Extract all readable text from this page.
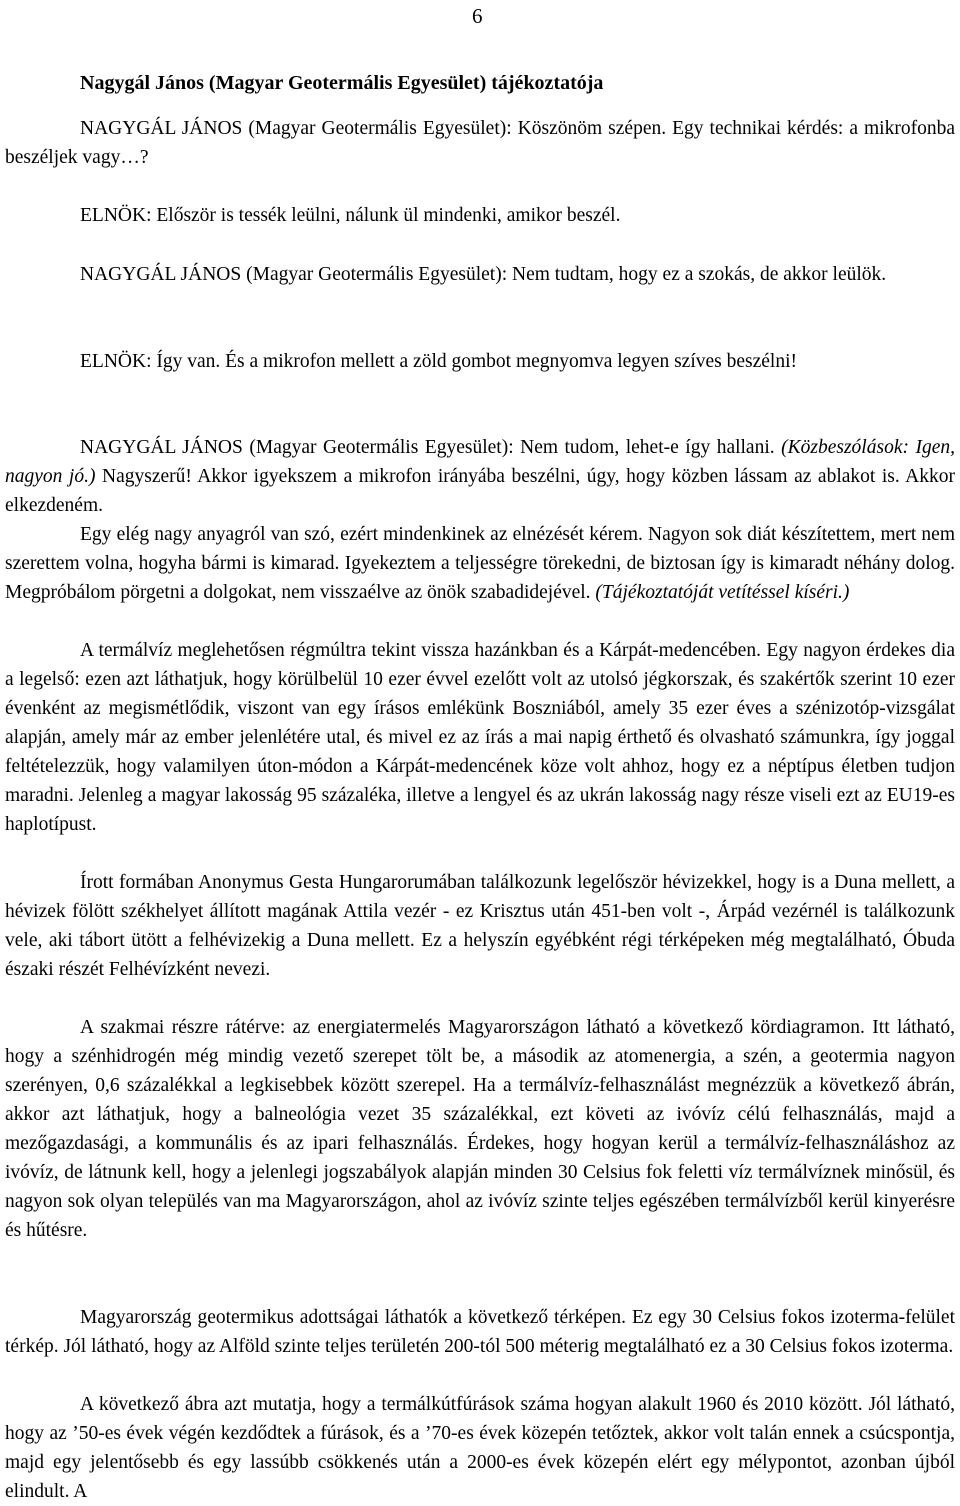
6
Nagygál János (Magyar Geotermális Egyesület) tájékoztatója

NAGYGÁL JÁNOS (Magyar Geotermális Egyesület): Köszönöm szépen. Egy technikai kérdés: a mikrofonba beszéljek vagy…?

ELNÖK: Először is tessék leülni, nálunk ül mindenki, amikor beszél.

NAGYGÁL JÁNOS (Magyar Geotermális Egyesület): Nem tudtam, hogy ez a szokás, de akkor leülök.

ELNÖK: Így van. És a mikrofon mellett a zöld gombot megnyomva legyen szíves beszélni!

NAGYGÁL JÁNOS (Magyar Geotermális Egyesület): Nem tudom, lehet-e így hallani. (Közbeszólások: Igen, nagyon jó.) Nagyszerű! Akkor igyekszem a mikrofon irányába beszélni, úgy, hogy közben lássam az ablakot is. Akkor elkezdeném.

Egy elég nagy anyagról van szó, ezért mindenkinek az elnézését kérem. Nagyon sok diát készítettem, mert nem szerettem volna, hogyha bármi is kimarad. Igyekeztem a teljességre törekedni, de biztosan így is kimaradt néhány dolog. Megpróbálom pörgetni a dolgokat, nem visszaélve az önök szabadidejével. (Tájékoztatóját vetítéssel kíséri.)

A termálvíz meglehetősen régmúltra tekint vissza hazánkban és a Kárpát-medencében. Egy nagyon érdekes dia a legelső: ezen azt láthatjuk, hogy körülbelül 10 ezer évvel ezelőtt volt az utolsó jégkorszak, és szakértők szerint 10 ezer évenként az megismétlődik, viszont van egy írásos emlékünk Boszniából, amely 35 ezer éves a szénizotóp-vizsgálat alapján, amely már az ember jelenlétére utal, és mivel ez az írás a mai napig érthető és olvasható számunkra, így joggal feltételezzük, hogy valamilyen úton-módon a Kárpát-medencének köze volt ahhoz, hogy ez a néptípus életben tudjon maradni. Jelenleg a magyar lakosság 95 százaléka, illetve a lengyel és az ukrán lakosság nagy része viseli ezt az EU19-es haplotípust.

Írott formában Anonymus Gesta Hungarorumában találkozunk legelőször hévizekkel, hogy is a Duna mellett, a hévizek fölött székhelyet állított magának Attila vezér - ez Krisztus után 451-ben volt -, Árpád vezérnél is találkozunk vele, aki tábort ütött a felhévizekig a Duna mellett. Ez a helyszín egyébként régi térképeken még megtalálható, Óbuda északi részét Felhévízként nevezi.

A szakmai részre rátérve: az energiatermelés Magyarországon látható a következő kördiagramon. Itt látható, hogy a szénhidrogén még mindig vezető szerepet tölt be, a második az atomenergia, a szén, a geotermia nagyon szerényen, 0,6 százalékkal a legkisebbek között szerepel. Ha a termálvíz-felhasználást megnézzük a következő ábrán, akkor azt láthatjuk, hogy a balneológia vezet 35 százalékkal, ezt követi az ivóvíz célú felhasználás, majd a mezőgazdasági, a kommunális és az ipari felhasználás. Érdekes, hogy hogyan kerül a termálvíz-felhasználáshoz az ivóvíz, de látnunk kell, hogy a jelenlegi jogszabályok alapján minden 30 Celsius fok feletti víz termálvíznek minősül, és nagyon sok olyan település van ma Magyarországon, ahol az ivóvíz szinte teljes egészében termálvízből kerül kinyerésre és hűtésre.

Magyarország geotermikus adottságai láthatók a következő térképen. Ez egy 30 Celsius fokos izoterma-felület térkép. Jól látható, hogy az Alföld szinte teljes területén 200-tól 500 méterig megtalálható ez a 30 Celsius fokos izoterma.

A következő ábra azt mutatja, hogy a termálkútfúrások száma hogyan alakult 1960 és 2010 között. Jól látható, hogy az ’50-es évek végén kezdődtek a fúrások, és a ’70-es évek közepén tetőztek, akkor volt talán ennek a csúcspontja, majd egy jelentősebb és egy lassúbb csökkenés után a 2000-es évek közepén elért egy mélypontot, azonban újból elindult. A
